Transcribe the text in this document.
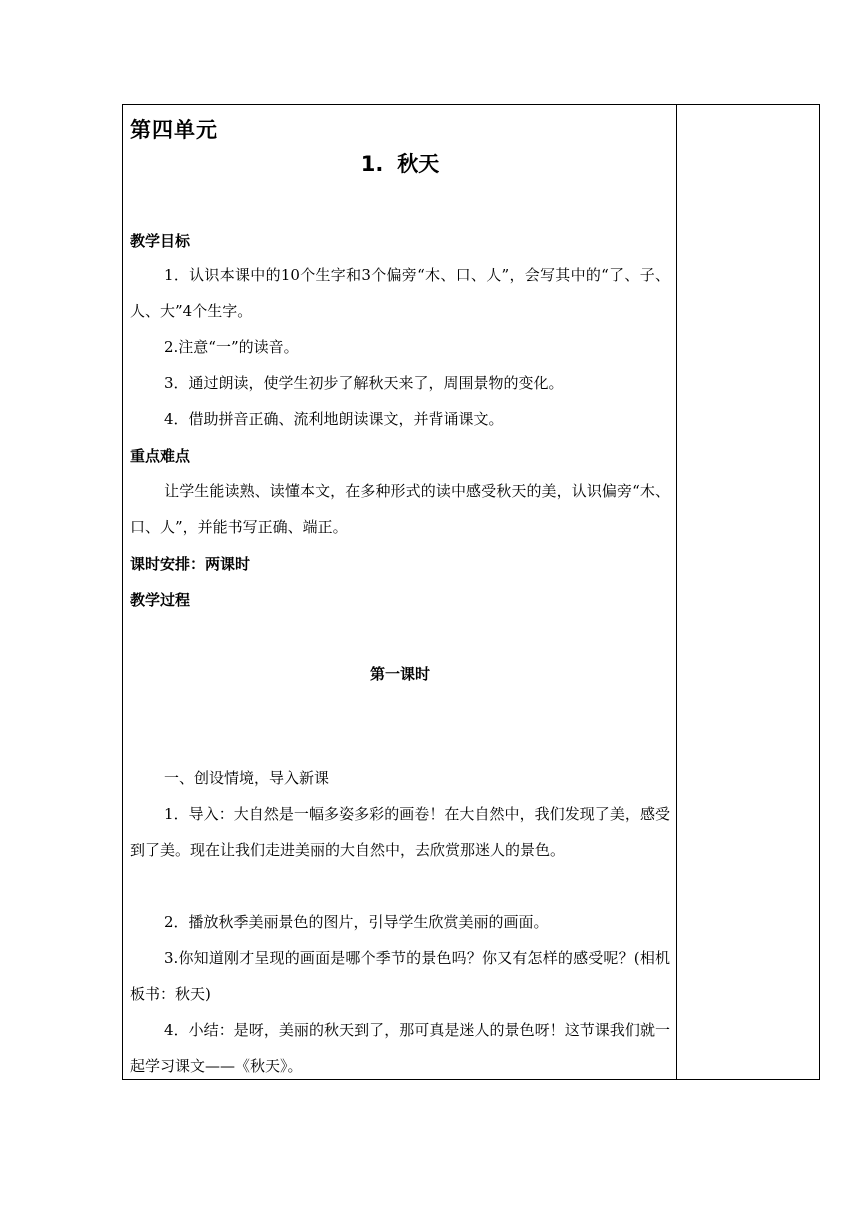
第四单元
1. 秋天
教学目标
1．认识本课中的10个生字和3个偏旁“木、口、人”，会写其中的“了、子、人、大”4个生字。
2.注意“一”的读音。
3．通过朗读，使学生初步了解秋天来了，周围景物的变化。
4．借助拼音正确、流利地朗读课文，并背诵课文。
重点难点
让学生能读熟、读懂本文，在多种形式的读中感受秋天的美，认识偏旁“木、口、人”，并能书写正确、端正。
课时安排：两课时
教学过程
第一课时
一、创设情境，导入新课
1．导入：大自然是一幅多姿多彩的画卷！在大自然中，我们发现了美，感受到了美。现在让我们走进美丽的大自然中，去欣赏那迷人的景色。
2．播放秋季美丽景色的图片，引导学生欣赏美丽的画面。
3.你知道刚才呈现的画面是哪个季节的景色吗？你又有怎样的感受呢？(相机板书：秋天)
4．小结：是呀，美丽的秋天到了，那可真是迷人的景色呀！这节课我们就一起学习课文——《秋天》。
